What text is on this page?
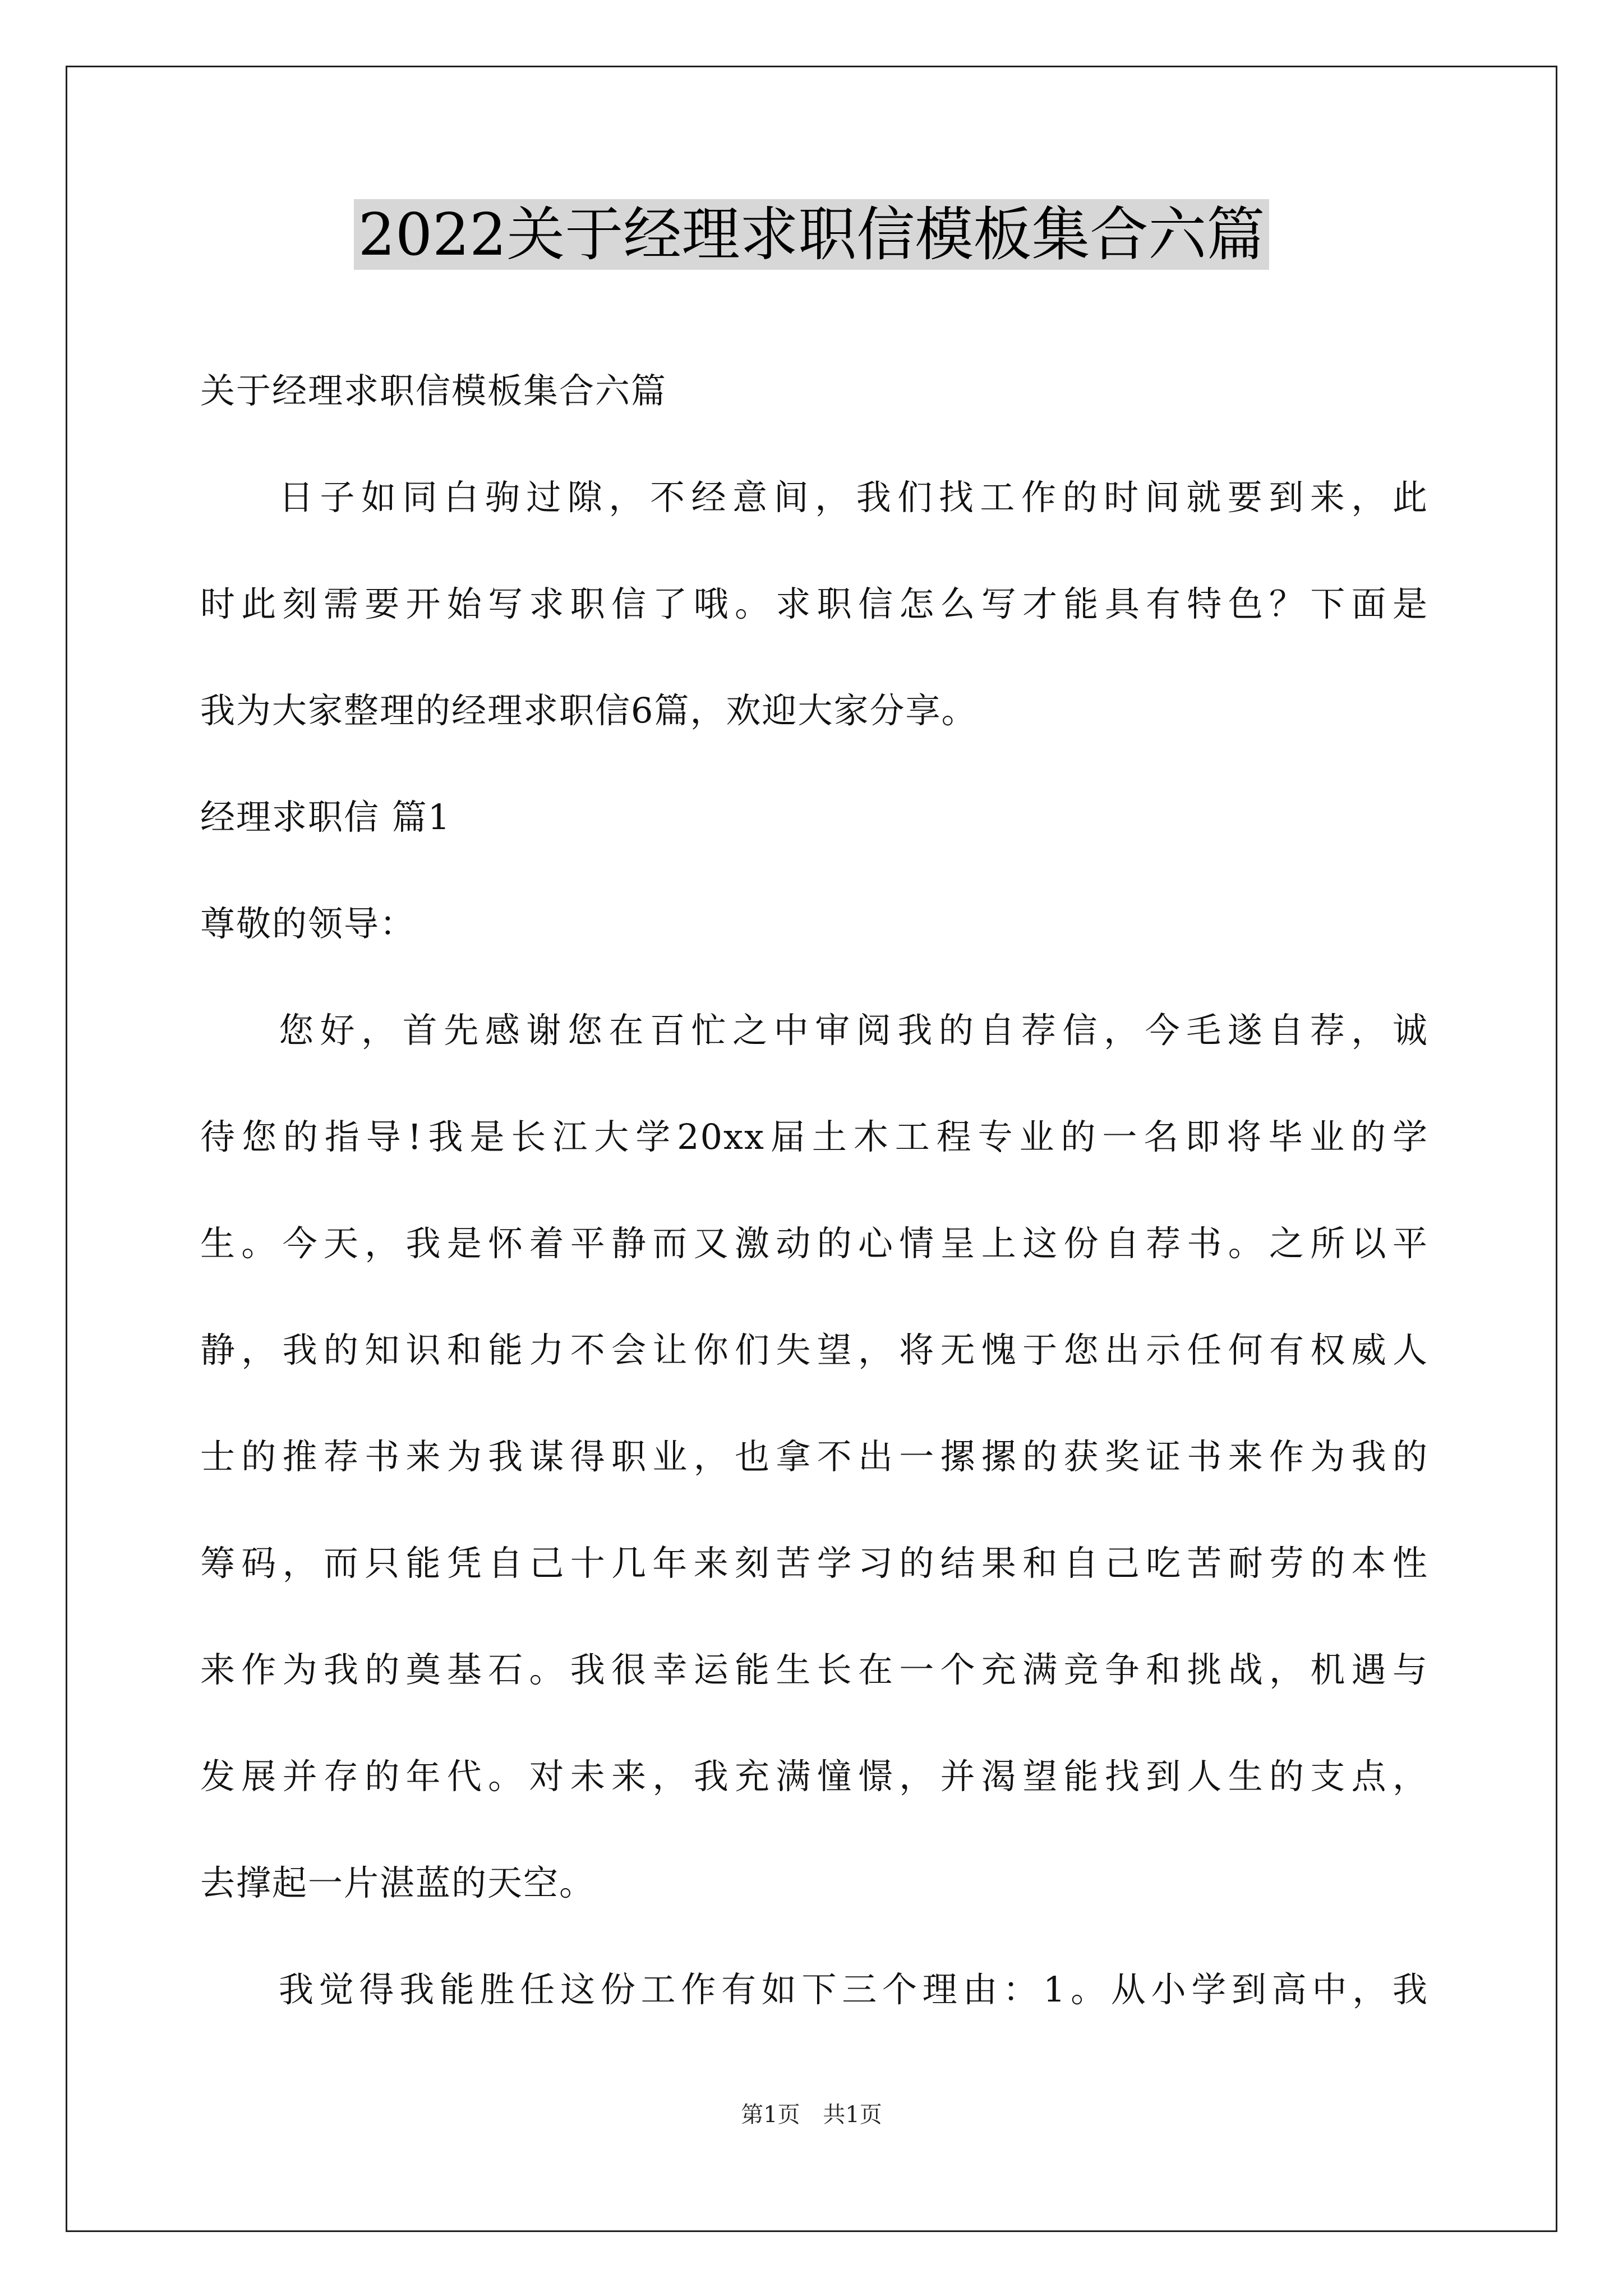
2022关于经理求职信模板集合六篇
关于经理求职信模板集合六篇
日子如同白驹过隙，不经意间，我们找工作的时间就要到来，此
时此刻需要开始写求职信了哦。求职信怎么写才能具有特色？下面是
我为大家整理的经理求职信6篇，欢迎大家分享。
经理求职信 篇1
尊敬的领导：
您好，首先感谢您在百忙之中审阅我的自荐信，今毛遂自荐，诚
待您的指导!我是长江大学20xx届土木工程专业的一名即将毕业的学
生。今天，我是怀着平静而又激动的心情呈上这份自荐书。之所以平
静，我的知识和能力不会让你们失望，将无愧于您出示任何有权威人
士的推荐书来为我谋得职业，也拿不出一摞摞的获奖证书来作为我的
筹码，而只能凭自己十几年来刻苦学习的结果和自己吃苦耐劳的本性
来作为我的奠基石。我很幸运能生长在一个充满竞争和挑战，机遇与
发展并存的年代。对未来，我充满憧憬，并渴望能找到人生的支点，
去撑起一片湛蓝的天空。
我觉得我能胜任这份工作有如下三个理由：1。从小学到高中，我
第1页 共1页
